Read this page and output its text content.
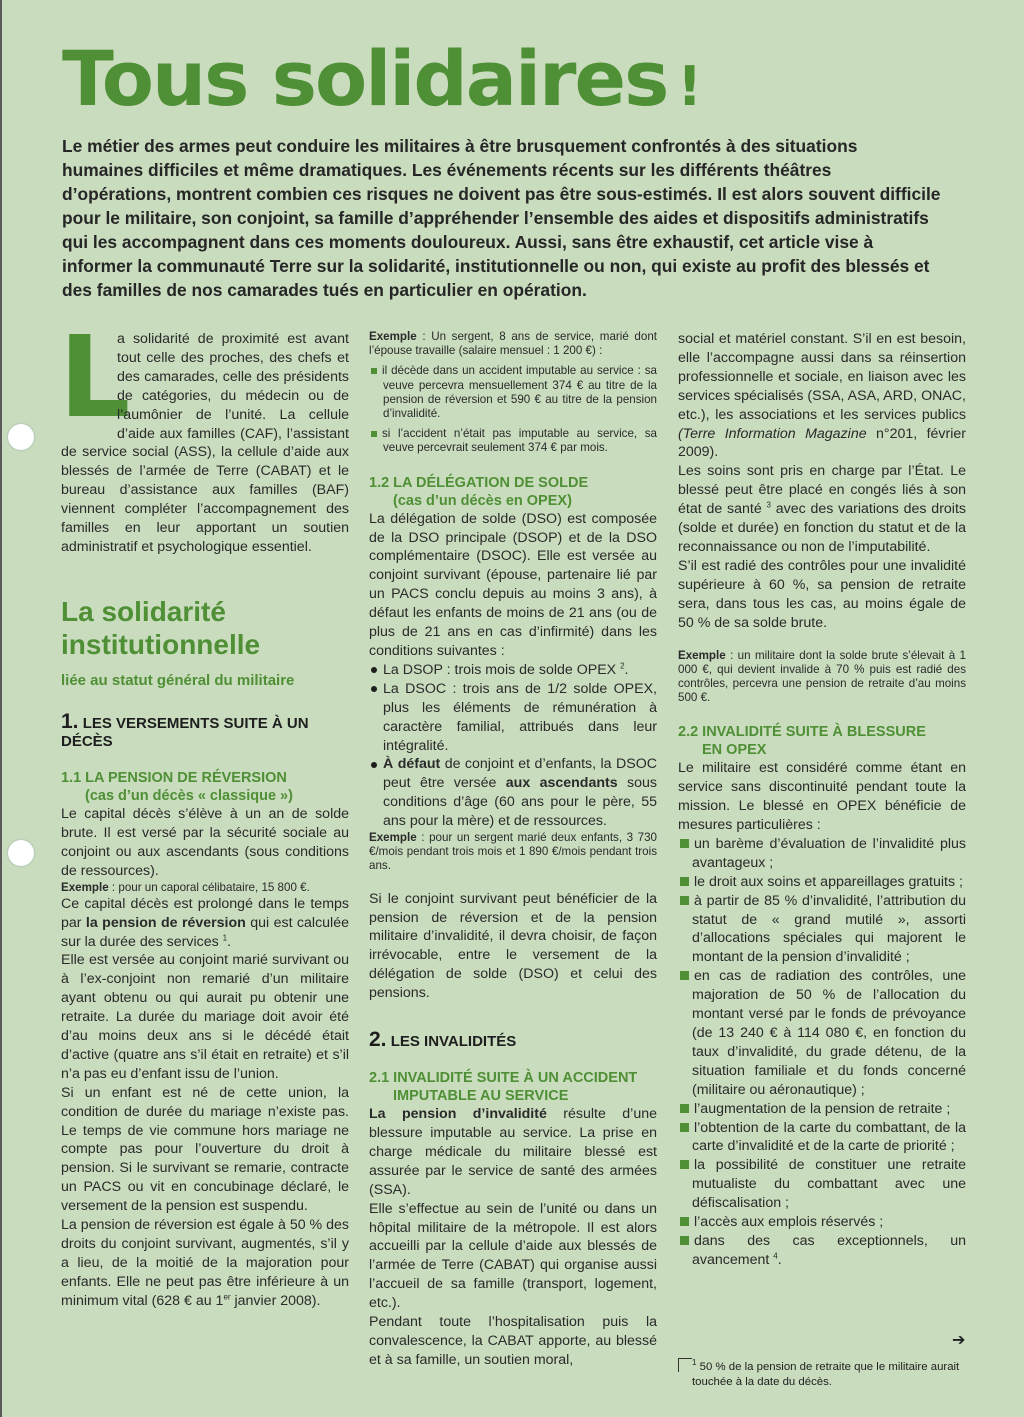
Tous solidaires !
Le métier des armes peut conduire les militaires à être brusquement confrontés à des situations humaines difficiles et même dramatiques. Les événements récents sur les différents théâtres d’opérations, montrent combien ces risques ne doivent pas être sous-estimés. Il est alors souvent difficile pour le militaire, son conjoint, sa famille d’appréhender l’ensemble des aides et dispositifs administratifs qui les accompagnent dans ces moments douloureux. Aussi, sans être exhaustif, cet article vise à informer la communauté Terre sur la solidarité, institutionnelle ou non, qui existe au profit des blessés et des familles de nos camarades tués en particulier en opération.
L

a solidarité de proximité est avant tout celle des proches, des chefs et des camarades, celle des présidents de catégories, du médecin ou de l’aumônier de l’unité. La cellule d’aide aux familles (CAF), l’assistant de service social (ASS), la cellule d’aide aux blessés de l’armée de Terre (CABAT) et le bureau d’assistance aux familles (BAF) viennent compléter l’accompagnement des familles en leur apportant un soutien administratif et psychologique essentiel.

La solidarité institutionnelle
liée au statut général du militaire
1. LES VERSEMENTS SUITE À UN DÉCÈS
1.1 LA PENSION DE RÉVERSION
(cas d’un décès « classique »)

Le capital décès s’élève à un an de solde brute. Il est versé par la sécurité sociale au conjoint ou aux ascendants (sous conditions de ressources).

Exemple : pour un caporal célibataire, 15 800 €.

Ce capital décès est prolongé dans le temps par la pension de réversion qui est calculée sur la durée des services $^1$.

Elle est versée au conjoint marié survivant ou à l’ex-conjoint non remarié d’un militaire ayant obtenu ou qui aurait pu obtenir une retraite. La durée du mariage doit avoir été d’au moins deux ans si le décédé était d’active (quatre ans s’il était en retraite) et s’il n’a pas eu d’enfant issu de l’union.

Si un enfant est né de cette union, la condition de durée du mariage n’existe pas. Le temps de vie commune hors mariage ne compte pas pour l’ouverture du droit à pension. Si le survivant se remarie, contracte un PACS ou vit en concubinage déclaré, le versement de la pension est suspendu.

La pension de réversion est égale à 50 % des droits du conjoint survivant, augmentés, s’il y a lieu, de la moitié de la majoration pour enfants. Elle ne peut pas être inférieure à un minimum vital (628 € au 1er janvier 2008).

Exemple : Un sergent, 8 ans de service, marié dont l’épouse travaille (salaire mensuel : 1 200 €) :

il décède dans un accident imputable au service : sa veuve percevra mensuellement 374 € au titre de la pension de réversion et 590 € au titre de la pension d’invalidité.
si l’accident n’était pas imputable au service, sa veuve percevrait seulement 374 € par mois.
1.2 LA DÉLÉGATION DE SOLDE
(cas d’un décès en OPEX)

La délégation de solde (DSO) est composée de la DSO principale (DSOP) et de la DSO complémentaire (DSOC). Elle est versée au conjoint survivant (épouse, partenaire lié par un PACS conclu depuis au moins 3 ans), à défaut les enfants de moins de 21 ans (ou de plus de 21 ans en cas d’infirmité) dans les conditions suivantes :

La DSOP : trois mois de solde OPEX $^2$.
La DSOC : trois ans de 1/2 solde OPEX, plus les éléments de rémunération à caractère familial, attribués dans leur intégralité.
À défaut de conjoint et d’enfants, la DSOC peut être versée aux ascendants sous conditions d’âge (60 ans pour le père, 55 ans pour la mère) et de ressources.

Exemple : pour un sergent marié deux enfants, 3 730 €/mois pendant trois mois et 1 890 €/mois pendant trois ans.

Si le conjoint survivant peut bénéficier de la pension de réversion et de la pension militaire d’invalidité, il devra choisir, de façon irrévocable, entre le versement de la délégation de solde (DSO) et celui des pensions.

2. LES INVALIDITÉS
2.1 INVALIDITÉ SUITE À UN ACCIDENT
IMPUTABLE AU SERVICE

La pension d’invalidité résulte d’une blessure imputable au service. La prise en charge médicale du militaire blessé est assurée par le service de santé des armées (SSA).

Elle s’effectue au sein de l’unité ou dans un hôpital militaire de la métropole. Il est alors accueilli par la cellule d’aide aux blessés de l’armée de Terre (CABAT) qui organise aussi l’accueil de sa famille (transport, logement, etc.).

Pendant toute l’hospitalisation puis la convalescence, la CABAT apporte, au blessé et à sa famille, un soutien moral,

social et matériel constant. S’il en est besoin, elle l’accompagne aussi dans sa réinsertion professionnelle et sociale, en liaison avec les services spécialisés (SSA, ASA, ARD, ONAC, etc.), les associations et les services publics (Terre Information Magazine n°201, février 2009).

Les soins sont pris en charge par l’État. Le blessé peut être placé en congés liés à son état de santé $^3$ avec des variations des droits (solde et durée) en fonction du statut et de la reconnaissance ou non de l’imputabilité.

S’il est radié des contrôles pour une invalidité supérieure à 60 %, sa pension de retraite sera, dans tous les cas, au moins égale de 50 % de sa solde brute.

Exemple : un militaire dont la solde brute s’élevait à 1 000 €, qui devient invalide à 70 % puis est radié des contrôles, percevra une pension de retraite d’au moins 500 €.

2.2 INVALIDITÉ SUITE À BLESSURE
EN OPEX

Le militaire est considéré comme étant en service sans discontinuité pendant toute la mission. Le blessé en OPEX bénéficie de mesures particulières :

un barème d’évaluation de l’invalidité plus avantageux ;
le droit aux soins et appareillages gratuits ;
à partir de 85 % d’invalidité, l’attribution du statut de « grand mutilé », assorti d’allocations spéciales qui majorent le montant de la pension d’invalidité ;
en cas de radiation des contrôles, une majoration de 50 % de l’allocation du montant versé par le fonds de prévoyance (de 13 240 € à 114 080 €, en fonction du taux d’invalidité, du grade détenu, de la situation familiale et du fonds concerné (militaire ou aéronautique) ;
l’augmentation de la pension de retraite ;
l’obtention de la carte du combattant, de la carte d’invalidité et de la carte de priorité ;
la possibilité de constituer une retraite mutualiste du combattant avec une défiscalisation ;
l’accès aux emplois réservés ;
dans des cas exceptionnels, un avancement $^4$.
➔
$^1$ 50 % de la pension de retraite que le militaire aurait touchée à la date du décès.
